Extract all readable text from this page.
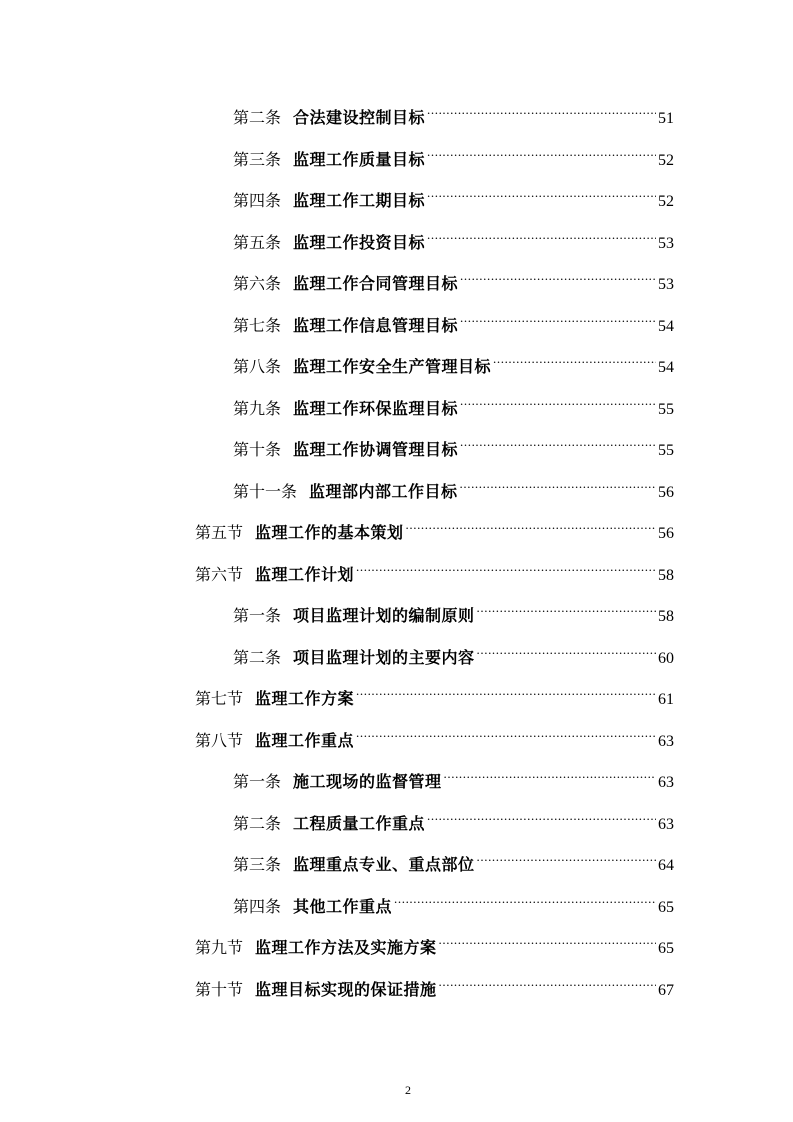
第二条 合法建设控制目标 .....	51
第三条 监理工作质量目标 .....	52
第四条 监理工作工期目标 .....	52
第五条 监理工作投资目标 .....	53
第六条 监理工作合同管理目标 .....	53
第七条 监理工作信息管理目标 .....	54
第八条 监理工作安全生产管理目标 .....	54
第九条 监理工作环保监理目标 .....	55
第十条 监理工作协调管理目标 .....	55
第十一条 监理部内部工作目标 .....	56
第五节 监理工作的基本策划 .....	56
第六节 监理工作计划 .....	58
第一条 项目监理计划的编制原则 .....	58
第二条 项目监理计划的主要内容 .....	60
第七节 监理工作方案 .....	61
第八节 监理工作重点 .....	63
第一条 施工现场的监督管理 .....	63
第二条 工程质量工作重点 .....	63
第三条 监理重点专业、重点部位 .....	64
第四条 其他工作重点 .....	65
第九节 监理工作方法及实施方案 .....	65
第十节 监理目标实现的保证措施 .....	67
2
